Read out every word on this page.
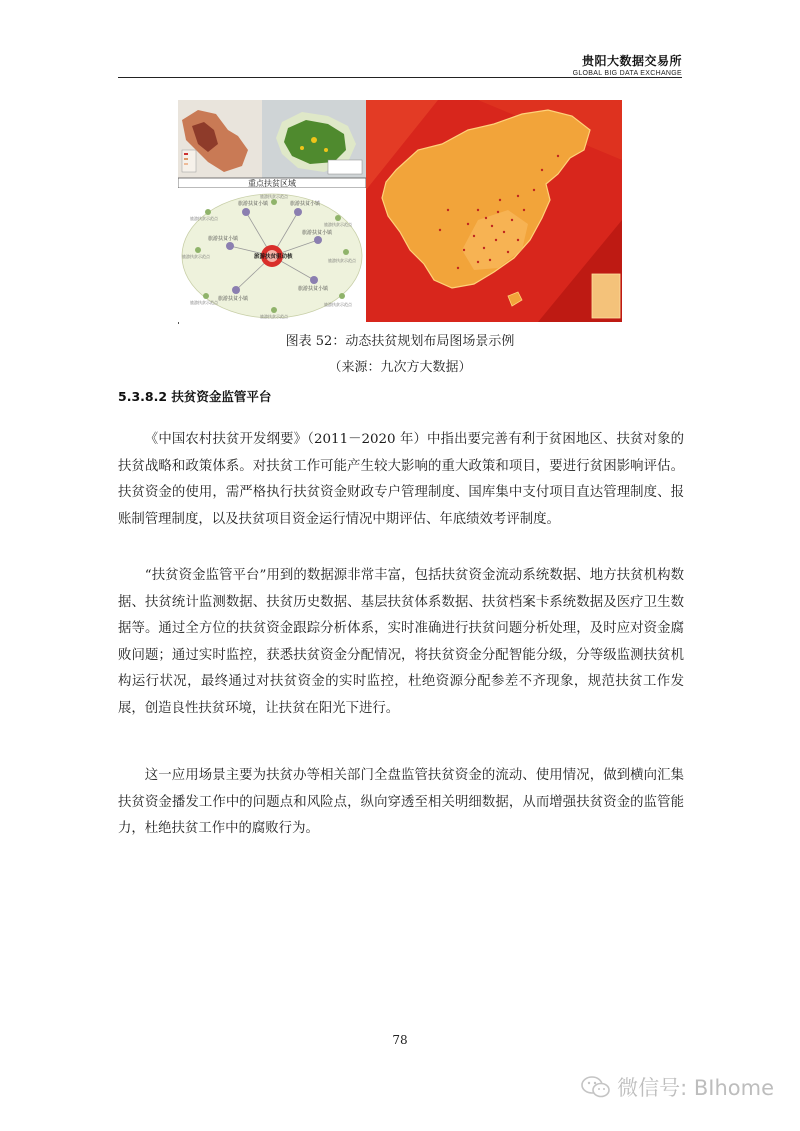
贵阳大数据交易所
GLOBAL BIG DATA EXCHANGE
重点扶贫区域
旅游扶贫小镇	旅游扶贫小镇
旅游扶贫小镇
旅游扶贫小镇
旅游扶贫小镇
旅游扶贫小镇
旅游扶贫驱动核
旅游扶贫示范点
旅游扶贫示范点
旅游扶贫示范点
旅游扶贫示范点
旅游扶贫示范点	旅游扶贫示范点
旅游扶贫示范点
旅游扶贫示范点
图表 52：动态扶贫规划布局图场景示例
（来源：九次方大数据）
5.3.8.2 扶贫资金监管平台

《中国农村扶贫开发纲要》（2011－2020 年）中指出要完善有利于贫困地区、扶贫对象的扶贫战略和政策体系。对扶贫工作可能产生较大影响的重大政策和项目，要进行贫困影响评估。扶贫资金的使用，需严格执行扶贫资金财政专户管理制度、国库集中支付项目直达管理制度、报账制管理制度，以及扶贫项目资金运行情况中期评估、年底绩效考评制度。

“扶贫资金监管平台”用到的数据源非常丰富，包括扶贫资金流动系统数据、地方扶贫机构数据、扶贫统计监测数据、扶贫历史数据、基层扶贫体系数据、扶贫档案卡系统数据及医疗卫生数据等。通过全方位的扶贫资金跟踪分析体系，实时准确进行扶贫问题分析处理，及时应对资金腐败问题；通过实时监控，获悉扶贫资金分配情况，将扶贫资金分配智能分级，分等级监测扶贫机构运行状况，最终通过对扶贫资金的实时监控，杜绝资源分配参差不齐现象，规范扶贫工作发展，创造良性扶贫环境，让扶贫在阳光下进行。

这一应用场景主要为扶贫办等相关部门全盘监管扶贫资金的流动、使用情况，做到横向汇集扶贫资金播发工作中的问题点和风险点，纵向穿透至相关明细数据，从而增强扶贫资金的监管能力，杜绝扶贫工作中的腐败行为。

78
微信号: BIhome
